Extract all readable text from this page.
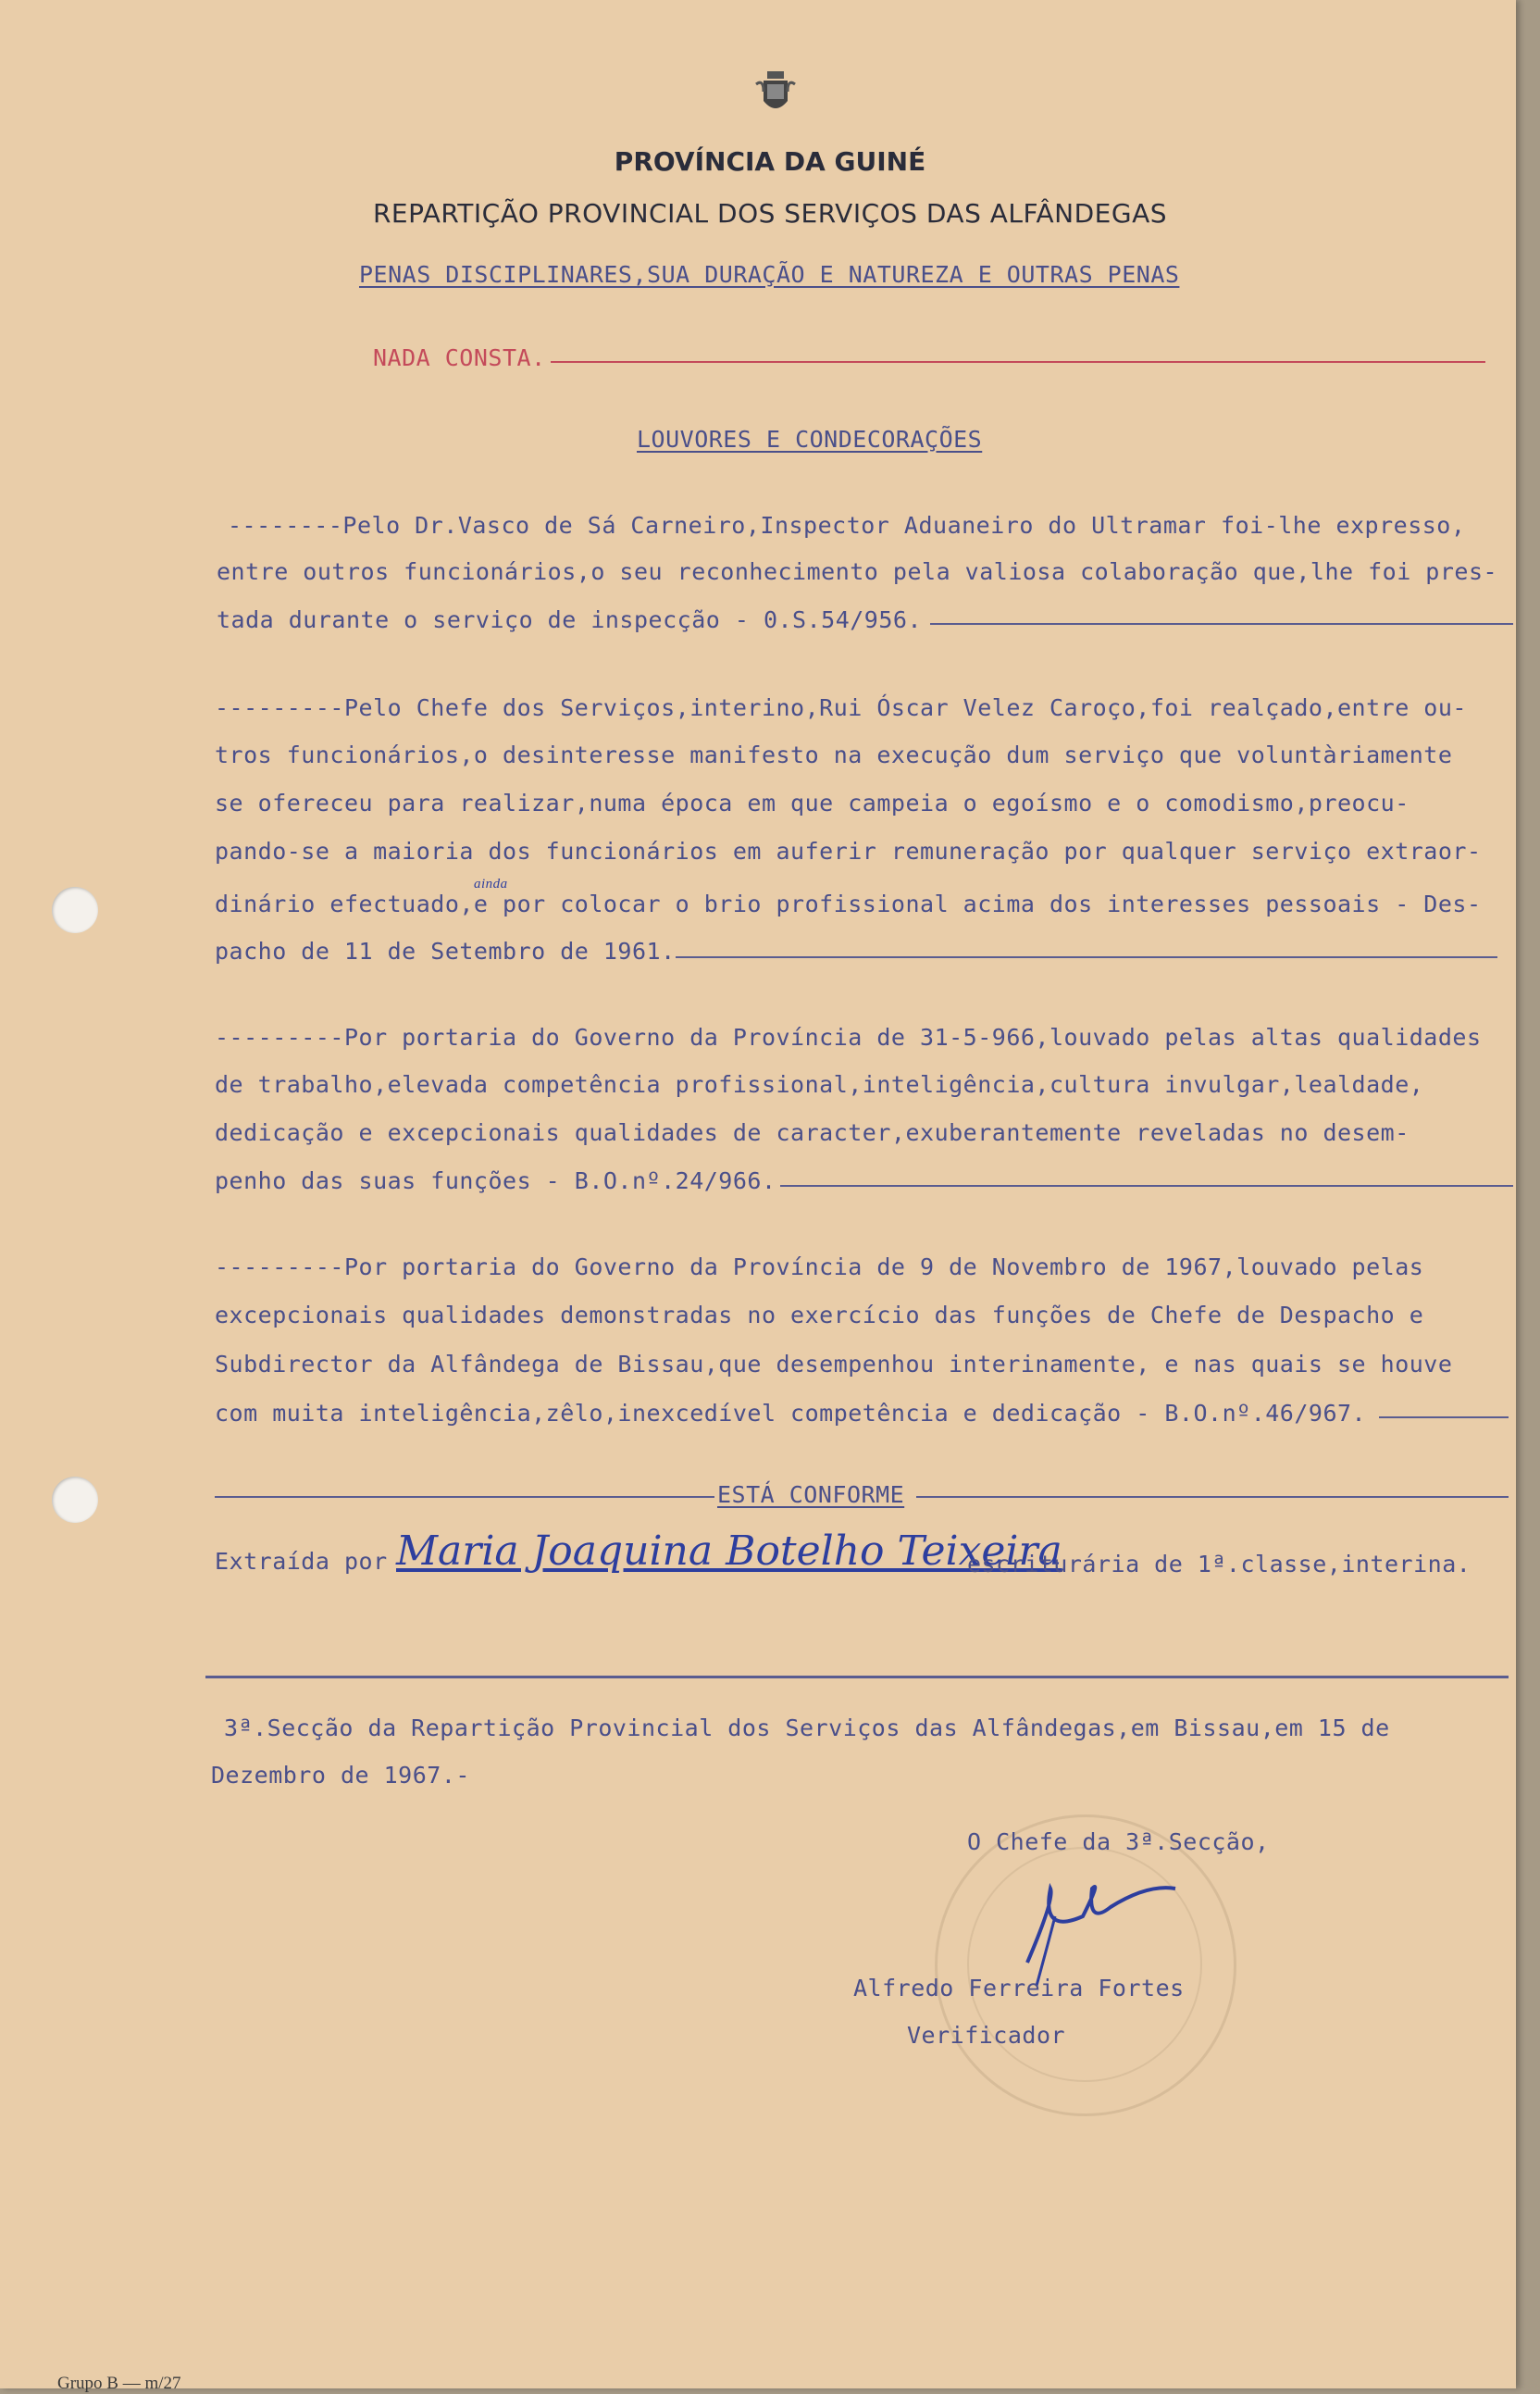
PROVÍNCIA DA GUINÉ
REPARTIÇÃO PROVINCIAL DOS SERVIÇOS DAS ALFÂNDEGAS
PENAS DISCIPLINARES,SUA DURAÇÃO E NATUREZA E OUTRAS PENAS
NADA CONSTA.
LOUVORES E CONDECORAÇÕES
--------Pelo Dr.Vasco de Sá Carneiro,Inspector Aduaneiro do Ultramar foi-lhe expresso,
entre outros funcionários,o seu reconhecimento pela valiosa colaboração que,lhe foi pres-
tada durante o serviço de inspecção - 0.S.54/956.
---------Pelo Chefe dos Serviços,interino,Rui Óscar Velez Caroço,foi realçado,entre ou-
tros funcionários,o desinteresse manifesto na execução dum serviço que voluntàriamente
se ofereceu para realizar,numa época em que campeia o egoísmo e o comodismo,preocu-
pando-se a maioria dos funcionários em auferir remuneração por qualquer serviço extraor-
ainda
dinário efectuado,e por colocar o brio profissional acima dos interesses pessoais - Des-
pacho de 11 de Setembro de 1961.
---------Por portaria do Governo da Província de 31-5-966,louvado pelas altas qualidades
de trabalho,elevada competência profissional,inteligência,cultura invulgar,lealdade,
dedicação e excepcionais qualidades de caracter,exuberantemente reveladas no desem-
penho das suas funções - B.O.nº.24/966.
---------Por portaria do Governo da Província de 9 de Novembro de 1967,louvado pelas
excepcionais qualidades demonstradas no exercício das funções de Chefe de Despacho e
Subdirector da Alfândega de Bissau,que desempenhou interinamente, e nas quais se houve
com muita inteligência,zêlo,inexcedível competência e dedicação - B.O.nº.46/967.
ESTÁ CONFORME
Extraída por Maria Joaquina Botelho Teixeira
escriturária de 1ª.classe,interina.
3ª.Secção da Repartição Provincial dos Serviços das Alfândegas,em Bissau,em 15 de
Dezembro de 1967.-
O Chefe da 3ª.Secção,
Alfredo Ferreira Fortes
Verificador
Grupo B — m/27
